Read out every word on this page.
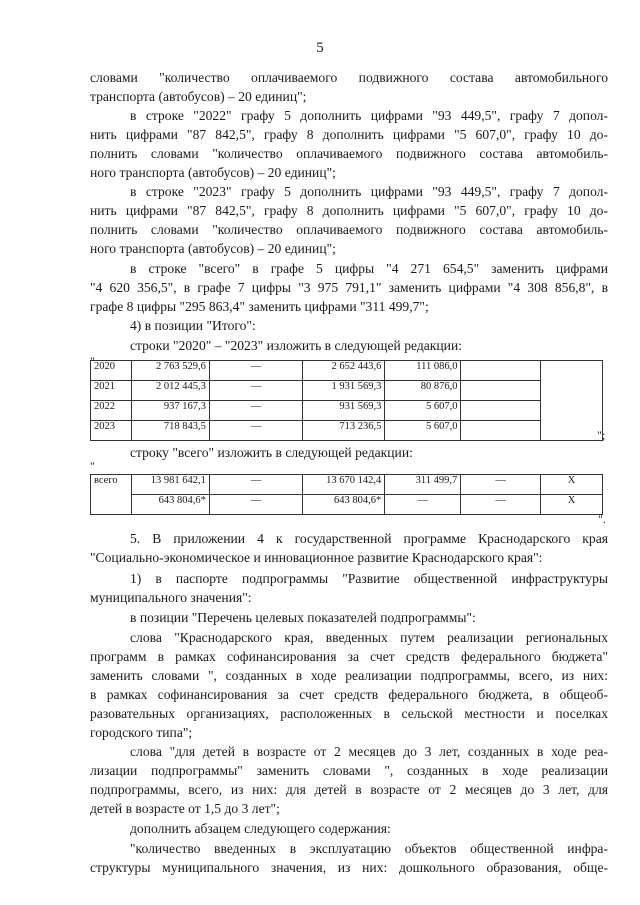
5
словами "количество оплачиваемого подвижного состава автомобильного
транспорта (автобусов) – 20 единиц";
в строке "2022" графу 5 дополнить цифрами "93 449,5", графу 7 допол-
нить цифрами "87 842,5", графу 8 дополнить цифрами "5 607,0", графу 10 до-
полнить словами "количество оплачиваемого подвижного состава автомобиль-
ного транспорта (автобусов) – 20 единиц";
в строке "2023" графу 5 дополнить цифрами "93 449,5", графу 7 допол-
нить цифрами "87 842,5", графу 8 дополнить цифрами "5 607,0", графу 10 до-
полнить словами "количество оплачиваемого подвижного состава автомобиль-
ного транспорта (автобусов) – 20 единиц";
в строке "всего" в графе 5 цифры "4 271 654,5" заменить цифрами
"4 620 356,5", в графе 7 цифры "3 975 791,1" заменить цифрами "4 308 856,8", в
графе 8 цифры "295 863,4" заменить цифрами "311 499,7";
4) в позиции "Итого":
строки "2020" – "2023" изложить в следующей редакции:
" 2020	2 763 529,6	—	2 652 443,6	111 086,0		
2021	2 012 445,3	—	1 931 569,3	80 876,0		
2022	937 167,3	—	931 569,3	5 607,0		
2023	718 843,5	—	713 236,5	5 607,0		
";
строку "всего" изложить в следующей редакции:
"
всего	13 981 642,1	—	13 670 142,4	311 499,7	—	X
	643 804,6*	—	643 804,6*	—	—	X
".
5. В приложении 4 к государственной программе Краснодарского края
"Социально-экономическое и инновационное развитие Краснодарского края":
1) в паспорте подпрограммы "Развитие общественной инфраструктуры
муниципального значения":
в позиции "Перечень целевых показателей подпрограммы":
слова "Краснодарского края, введенных путем реализации региональных
программ в рамках софинансирования за счет средств федерального бюджета"
заменить словами ", созданных в ходе реализации подпрограммы, всего, из них:
в рамках софинансирования за счет средств федерального бюджета, в общеоб-
разовательных организациях, расположенных в сельской местности и поселках
городского типа";
слова "для детей в возрасте от 2 месяцев до 3 лет, созданных в ходе реа-
лизации подпрограммы" заменить словами ", созданных в ходе реализации
подпрограммы, всего, из них: для детей в возрасте от 2 месяцев до 3 лет, для
детей в возрасте от 1,5 до 3 лет";
дополнить абзацем следующего содержания:
"количество введенных в эксплуатацию объектов общественной инфра-
структуры муниципального значения, из них: дошкольного образования, обще-
